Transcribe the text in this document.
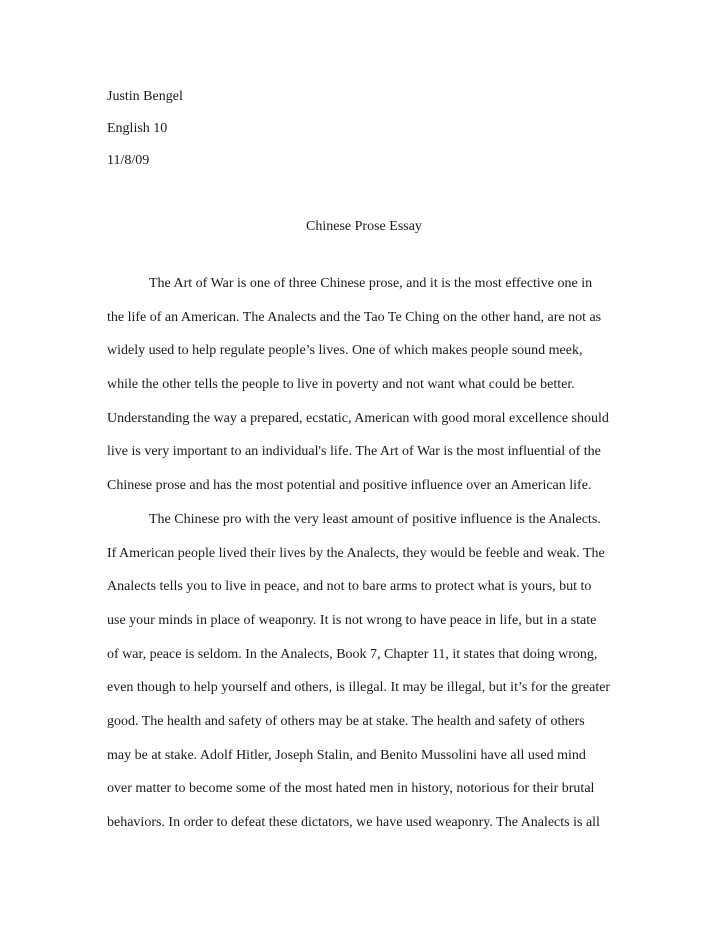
Justin Bengel

English 10

11/8/09

Chinese Prose Essay
The Art of War is one of three Chinese prose, and it is the most effective one in
the life of an American. The Analects and the Tao Te Ching on the other hand, are not as
widely used to help regulate people’s lives. One of which makes people sound meek,
while the other tells the people to live in poverty and not want what could be better.
Understanding the way a prepared, ecstatic, American with good moral excellence should
live is very important to an individual's life. The Art of War is the most influential of the
Chinese prose and has the most potential and positive influence over an American life.
The Chinese pro with the very least amount of positive influence is the Analects.
If American people lived their lives by the Analects, they would be feeble and weak. The
Analects tells you to live in peace, and not to bare arms to protect what is yours, but to
use your minds in place of weaponry. It is not wrong to have peace in life, but in a state
of war, peace is seldom. In the Analects, Book 7, Chapter 11, it states that doing wrong,
even though to help yourself and others, is illegal. It may be illegal, but it’s for the greater
good. The health and safety of others may be at stake. The health and safety of others
may be at stake. Adolf Hitler, Joseph Stalin, and Benito Mussolini have all used mind
over matter to become some of the most hated men in history, notorious for their brutal
behaviors. In order to defeat these dictators, we have used weaponry. The Analects is all
